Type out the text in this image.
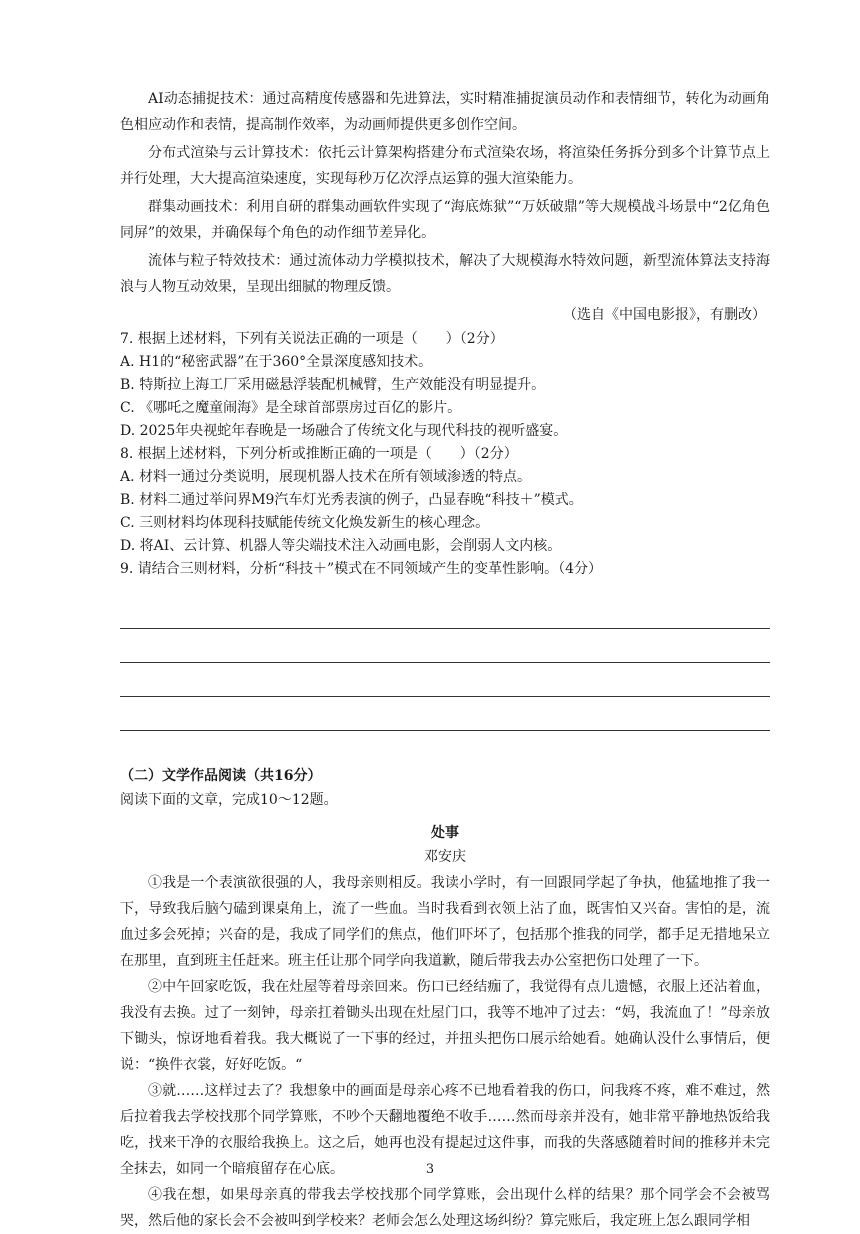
AI动态捕捉技术：通过高精度传感器和先进算法，实时精准捕捉演员动作和表情细节，转化为动画角色相应动作和表情，提高制作效率，为动画师提供更多创作空间。

分布式渲染与云计算技术：依托云计算架构搭建分布式渲染农场，将渲染任务拆分到多个计算节点上并行处理，大大提高渲染速度，实现每秒万亿次浮点运算的强大渲染能力。

群集动画技术：利用自研的群集动画软件实现了“海底炼狱”“万妖破鼎”等大规模战斗场景中“2亿角色同屏”的效果，并确保每个角色的动作细节差异化。

流体与粒子特效技术：通过流体动力学模拟技术，解决了大规模海水特效问题，新型流体算法支持海浪与人物互动效果，呈现出细腻的物理反馈。

（选自《中国电影报》，有删改）

7. 根据上述材料，下列有关说法正确的一项是（　　）（2分）

A. H1的“秘密武器”在于360°全景深度感知技术。

B. 特斯拉上海工厂采用磁悬浮装配机械臂，生产效能没有明显提升。

C. 《哪吒之魔童闹海》是全球首部票房过百亿的影片。

D. 2025年央视蛇年春晚是一场融合了传统文化与现代科技的视听盛宴。

8. 根据上述材料，下列分析或推断正确的一项是（　　）（2分）

A. 材料一通过分类说明，展现机器人技术在所有领域渗透的特点。

B. 材料二通过举问界M9汽车灯光秀表演的例子，凸显春晚“科技＋”模式。

C. 三则材料均体现科技赋能传统文化焕发新生的核心理念。

D. 将AI、云计算、机器人等尖端技术注入动画电影，会削弱人文内核。

9. 请结合三则材料，分析“科技＋”模式在不同领域产生的变革性影响。（4分）

（二）文学作品阅读（共16分）

阅读下面的文章，完成10～12题。

处事

邓安庆

①我是一个表演欲很强的人，我母亲则相反。我读小学时，有一回跟同学起了争执，他猛地推了我一下，导致我后脑勺磕到课桌角上，流了一些血。当时我看到衣领上沾了血，既害怕又兴奋。害怕的是，流血过多会死掉；兴奋的是，我成了同学们的焦点，他们吓坏了，包括那个推我的同学，都手足无措地呆立在那里，直到班主任赶来。班主任让那个同学向我道歉，随后带我去办公室把伤口处理了一下。

②中午回家吃饭，我在灶屋等着母亲回来。伤口已经结痂了，我觉得有点儿遗憾，衣服上还沾着血，我没有去换。过了一刻钟，母亲扛着锄头出现在灶屋门口，我等不地冲了过去：“妈，我流血了！”母亲放下锄头，惊讶地看着我。我大概说了一下事的经过，并扭头把伤口展示给她看。她确认没什么事情后，便说：“换件衣裳，好好吃饭。“

③就……这样过去了？我想象中的画面是母亲心疼不已地看着我的伤口，问我疼不疼，难不难过，然后拉着我去学校找那个同学算账，不吵个天翻地覆绝不收手……然而母亲并没有，她非常平静地热饭给我吃，找来干净的衣服给我换上。这之后，她再也没有提起过这件事，而我的失落感随着时间的推移并未完全抹去，如同一个暗痕留存在心底。

④我在想，如果母亲真的带我去学校找那个同学算账，会出现什么样的结果？那个同学会不会被骂哭，然后他的家长会不会被叫到学校来？老师会怎么处理这场纠纷？算完账后，我定班上怎么跟同学相

3
